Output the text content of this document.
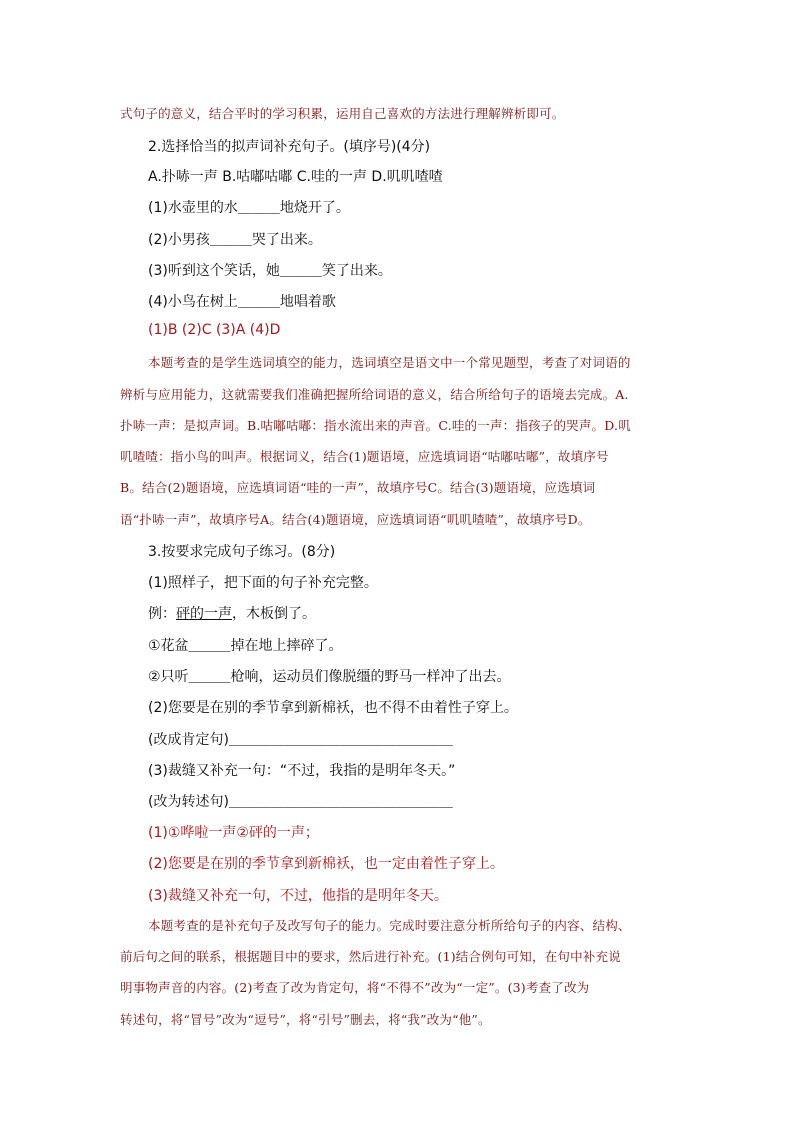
式句子的意义，结合平时的学习积累，运用自己喜欢的方法进行理解辨析即可。
2.选择恰当的拟声词补充句子。(填序号)(4分)
A.扑哧一声 B.咕嘟咕嘟 C.哇的一声 D.叽叽喳喳
(1)水壶里的水＿＿＿地烧开了。
(2)小男孩＿＿＿哭了出来。
(3)听到这个笑话，她＿＿＿笑了出来。
(4)小鸟在树上＿＿＿地唱着歌
(1)B (2)C (3)A (4)D
本题考查的是学生选词填空的能力，选词填空是语文中一个常见题型，考查了对词语的
辨析与应用能力，这就需要我们准确把握所给词语的意义，结合所给句子的语境去完成。A.
扑哧一声：是拟声词。B.咕嘟咕嘟：指水流出来的声音。C.哇的一声：指孩子的哭声。D.叽
叽喳喳：指小鸟的叫声。根据词义，结合(1)题语境，应选填词语“咕嘟咕嘟”，故填序号
B。结合(2)题语境，应选填词语“哇的一声”，故填序号C。结合(3)题语境，应选填词
语“扑哧一声”，故填序号A。结合(4)题语境，应选填词语“叽叽喳喳”，故填序号D。
3.按要求完成句子练习。(8分)
(1)照样子，把下面的句子补充完整。
例：砰的一声，木板倒了。
①花盆＿＿＿掉在地上摔碎了。
②只听＿＿＿枪响，运动员们像脱缰的野马一样冲了出去。
(2)您要是在别的季节拿到新棉袄，也不得不由着性子穿上。
(改成肯定句)＿＿＿＿＿＿＿＿＿＿＿＿＿＿＿＿
(3)裁缝又补充一句：“不过，我指的是明年冬天。”
(改为转述句)＿＿＿＿＿＿＿＿＿＿＿＿＿＿＿＿
(1)①哗啦一声②砰的一声；
(2)您要是在别的季节拿到新棉袄，也一定由着性子穿上。
(3)裁缝又补充一句，不过，他指的是明年冬天。
本题考查的是补充句子及改写句子的能力。完成时要注意分析所给句子的内容、结构、
前后句之间的联系，根据题目中的要求，然后进行补充。(1)结合例句可知，在句中补充说
明事物声音的内容。(2)考查了改为肯定句，将“不得不”改为“一定”。(3)考查了改为
转述句，将“冒号”改为“逗号”，将“引号”删去，将“我”改为“他”。
